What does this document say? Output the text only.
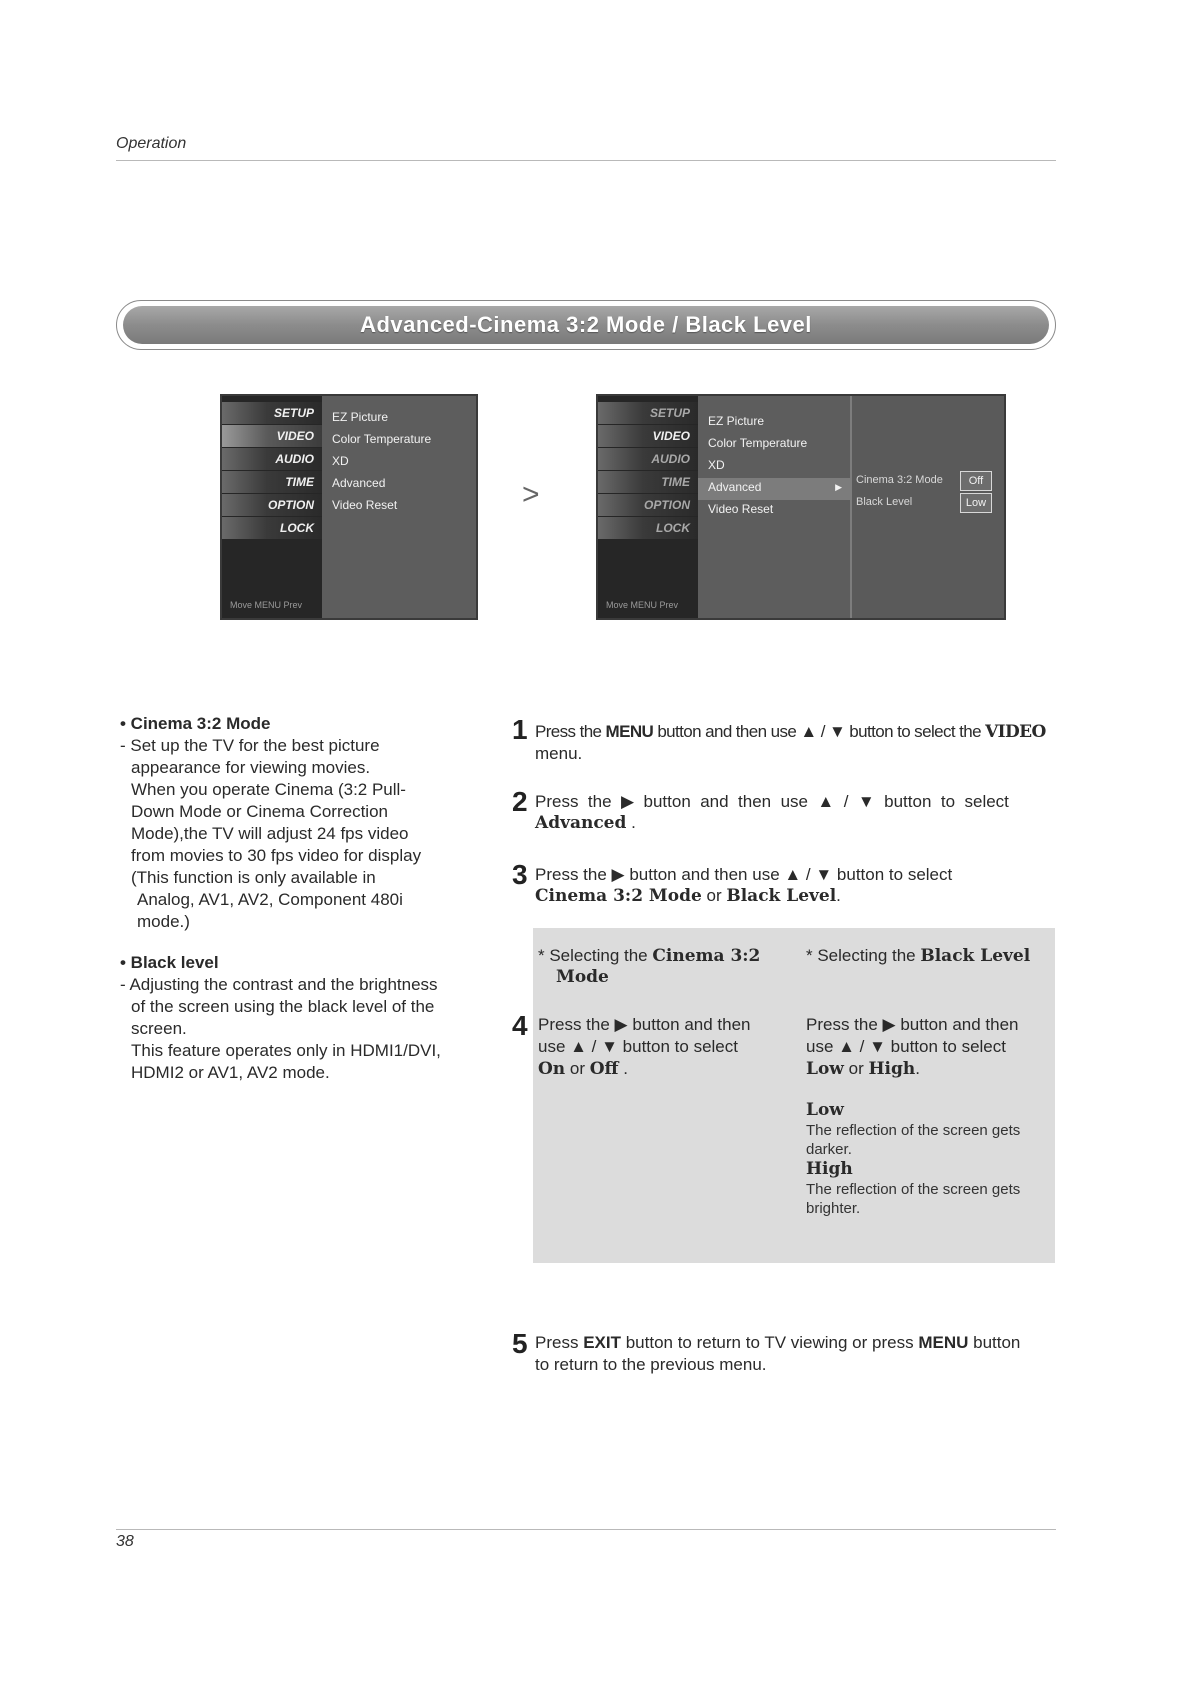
Operation
Advanced-Cinema 3:2 Mode / Black Level
SETUP
VIDEO
AUDIO
TIME
OPTION
LOCK
Move MENU Prev
EZ Picture
Color Temperature
XD
Advanced
Video Reset	>
SETUP
VIDEO
AUDIO
TIME
OPTION
LOCK
Move MENU Prev
EZ Picture
Color Temperature
XD
Advanced	▶
Video Reset
Cinema 3:2 Mode	Off
Black Level	Low
• Cinema 3:2 Mode
- Set up the TV for the best picture
appearance for viewing movies.
When you operate Cinema (3:2 Pull-
Down Mode or Cinema Correction
Mode),the TV will adjust 24 fps video
from movies to 30 fps video for display
(This function is only available in
Analog, AV1, AV2, Component 480i
mode.)
• Black level
- Adjusting the contrast and the brightness
of the screen using the black level of the
screen.
This feature operates only in HDMI1/DVI,
HDMI2 or AV1, AV2 mode.
1 Press the MENU button and then use ▲ / ▼ button to select the VIDEO
menu.
2 Press  the  ▶  button  and  then  use  ▲  /  ▼  button  to  select
Advanced .
3 Press the ▶ button and then use ▲ / ▼ button to select
Cinema 3:2 Mode or Black Level.
4
* Selecting the Cinema 3:2
Mode
Press the ▶ button and then
use ▲ / ▼ button to select
On or Off .
* Selecting the Black Level
Press the ▶ button and then
use ▲ / ▼ button to select
Low or High.
Low
The reflection of the screen gets
darker.
High
The reflection of the screen gets
brighter.
5 Press EXIT button to return to TV viewing or press MENU button
to return to the previous menu.
38
